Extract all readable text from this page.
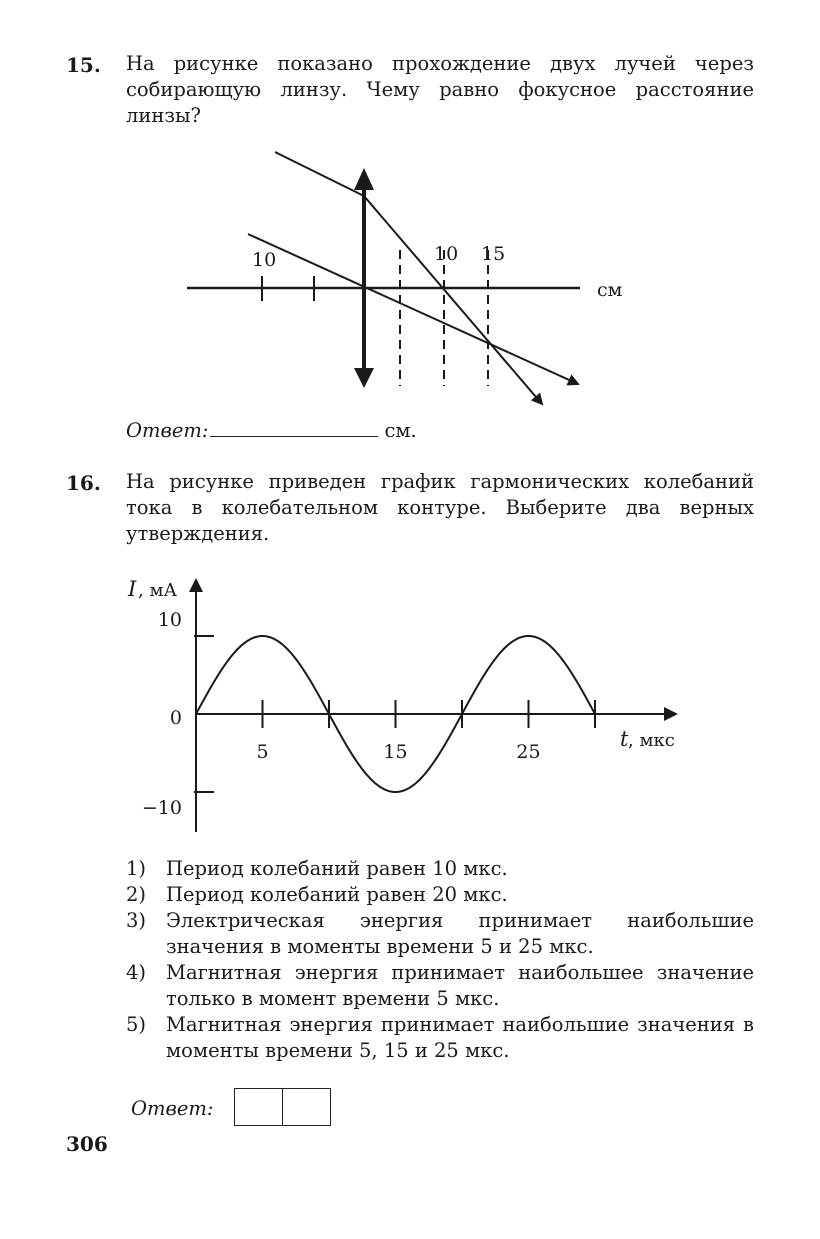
15. На рисунке показано прохождение двух лучей через собирающую линзу. Чему равно фокусное расстояние линзы?
10	10 15
см
Ответ:	см.
16. На рисунке приведен график гармонических колебаний тока в колебательном контуре. Выберите два верных утверждения.
5	15	25
10
0
−10
I , мА
t , мкс
1)	Период колебаний равен 10 мкс.
2)	Период колебаний равен 20 мкс.
3)	Электрическая энергия принимает наибольшие значения в моменты времени 5 и 25 мкс.
4)	Магнитная энергия принимает наибольшее значение только в момент времени 5 мкс.
5)	Магнитная энергия принимает наибольшие значения в моменты времени 5, 15 и 25 мкс.
Ответ:
306
